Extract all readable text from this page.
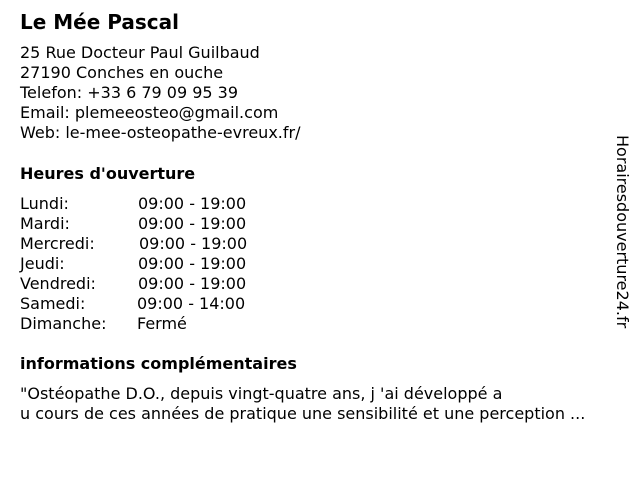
Le Mée Pascal
25 Rue Docteur Paul Guilbaud
27190 Conches en ouche
Telefon: +33 6 79 09 95 39
Email: plemeeosteo@gmail.com
Web: le-mee-osteopathe-evreux.fr/
Heures d'ouverture
Lundi:	09:00 - 19:00
Mardi:	09:00 - 19:00
Mercredi:	09:00 - 19:00
Jeudi:	09:00 - 19:00
Vendredi:	09:00 - 19:00
Samedi:	09:00 - 14:00
Dimanche: Fermé
informations complémentaires
"Ostéopathe D.O., depuis vingt-quatre ans, j 'ai développé a
u cours de ces années de pratique une sensibilité et une perception ...
Horairesdouverture24.fr
